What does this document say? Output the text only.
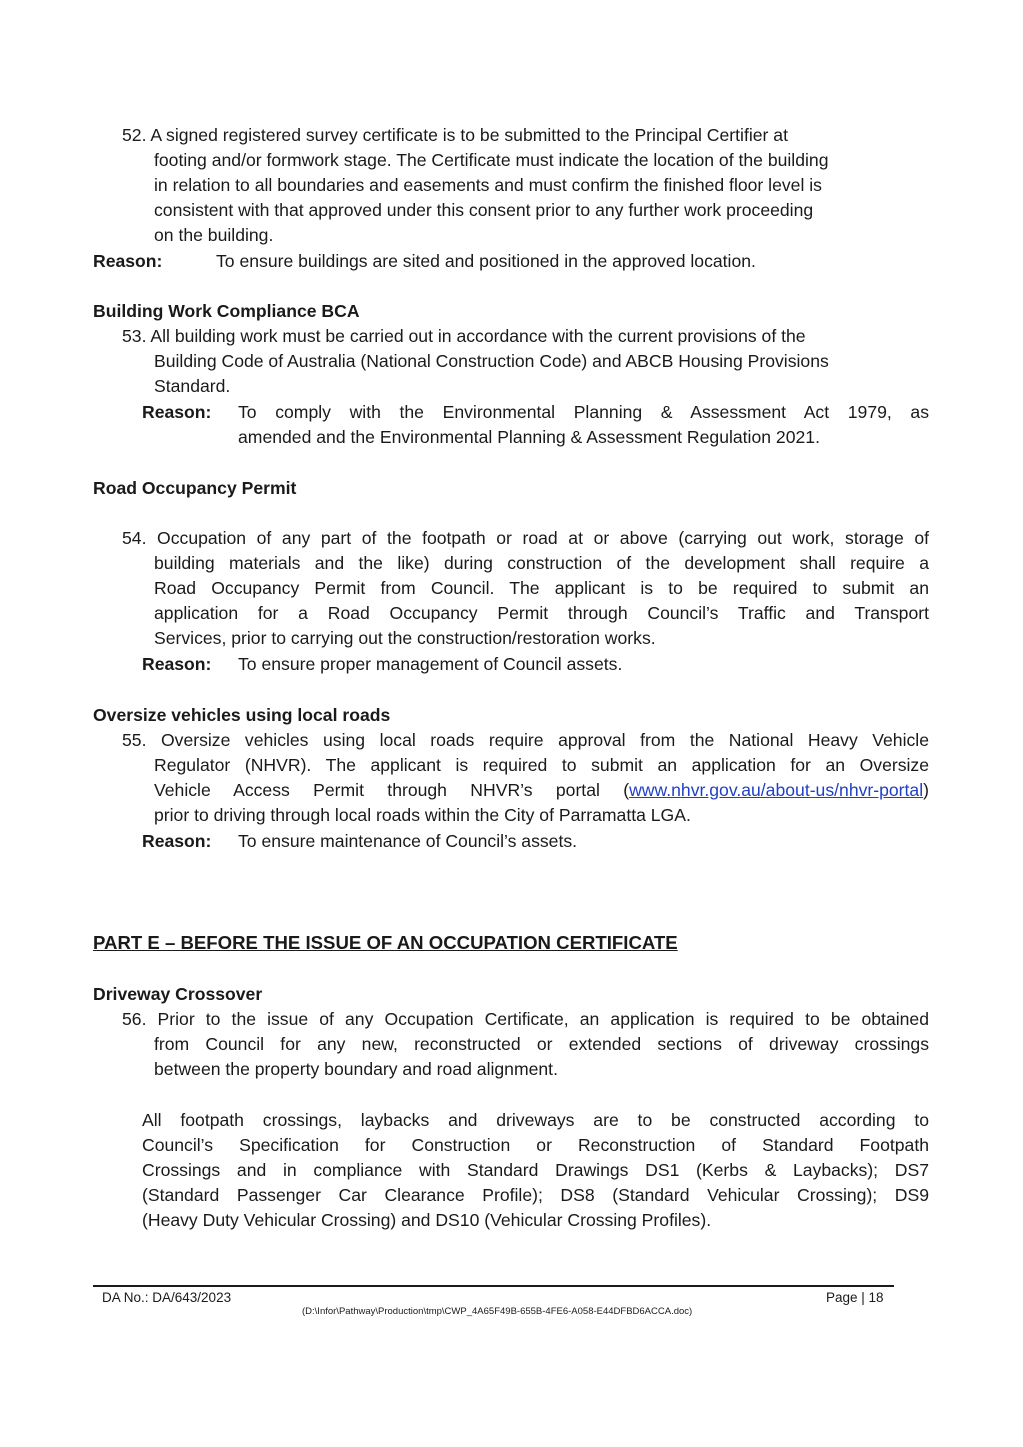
52. A signed registered survey certificate is to be submitted to the Principal Certifier at
footing and/or formwork stage. The Certificate must indicate the location of the building
in relation to all boundaries and easements and must confirm the finished floor level is
consistent with that approved under this consent prior to any further work proceeding
on the building.
Reason:	To ensure buildings are sited and positioned in the approved location.
Building Work Compliance BCA
53. All building work must be carried out in accordance with the current provisions of the
Building Code of Australia (National Construction Code) and ABCB Housing Provisions
Standard.
Reason: To comply with the Environmental Planning & Assessment Act 1979, as
amended and the Environmental Planning & Assessment Regulation 2021.
Road Occupancy Permit
54. Occupation of any part of the footpath or road at or above (carrying out work, storage of
building materials and the like) during construction of the development shall require a
Road Occupancy Permit from Council. The applicant is to be required to submit an
application for a Road Occupancy Permit through Council’s Traffic and Transport
Services, prior to carrying out the construction/restoration works.
Reason: To ensure proper management of Council assets.
Oversize vehicles using local roads
55. Oversize vehicles using local roads require approval from the National Heavy Vehicle
Regulator (NHVR). The applicant is required to submit an application for an Oversize
Vehicle Access Permit through NHVR’s portal (www.nhvr.gov.au/about-us/nhvr-portal)
prior to driving through local roads within the City of Parramatta LGA.
Reason: To ensure maintenance of Council’s assets.
PART E – BEFORE THE ISSUE OF AN OCCUPATION CERTIFICATE
Driveway Crossover
56. Prior to the issue of any Occupation Certificate, an application is required to be obtained
from Council for any new, reconstructed or extended sections of driveway crossings
between the property boundary and road alignment.
All footpath crossings, laybacks and driveways are to be constructed according to
Council’s Specification for Construction or Reconstruction of Standard Footpath
Crossings and in compliance with Standard Drawings DS1 (Kerbs & Laybacks); DS7
(Standard Passenger Car Clearance Profile); DS8 (Standard Vehicular Crossing); DS9
(Heavy Duty Vehicular Crossing) and DS10 (Vehicular Crossing Profiles).
DA No.: DA/643/2023	Page | 18
(D:\Infor\Pathway\Production\tmp\CWP_4A65F49B-655B-4FE6-A058-E44DFBD6ACCA.doc)
